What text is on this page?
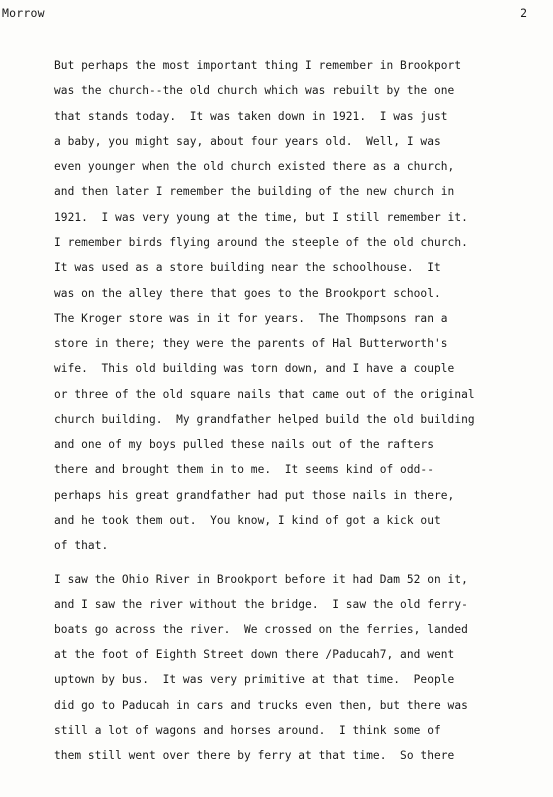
Morrow	2
But perhaps the most important thing I remember in Brookport
was the church--the old church which was rebuilt by the one
that stands today.  It was taken down in 1921.  I was just
a baby, you might say, about four years old.  Well, I was
even younger when the old church existed there as a church,
and then later I remember the building of the new church in
1921.  I was very young at the time, but I still remember it.
I remember birds flying around the steeple of the old church.
It was used as a store building near the schoolhouse.  It
was on the alley there that goes to the Brookport school.
The Kroger store was in it for years.  The Thompsons ran a
store in there; they were the parents of Hal Butterworth's
wife.  This old building was torn down, and I have a couple
or three of the old square nails that came out of the original
church building.  My grandfather helped build the old building
and one of my boys pulled these nails out of the rafters
there and brought them in to me.  It seems kind of odd--
perhaps his great grandfather had put those nails in there,
and he took them out.  You know, I kind of got a kick out
of that.
I saw the Ohio River in Brookport before it had Dam 52 on it,
and I saw the river without the bridge.  I saw the old ferry-
boats go across the river.  We crossed on the ferries, landed
at the foot of Eighth Street down there /Paducah7, and went
uptown by bus.  It was very primitive at that time.  People
did go to Paducah in cars and trucks even then, but there was
still a lot of wagons and horses around.  I think some of
them still went over there by ferry at that time.  So there
